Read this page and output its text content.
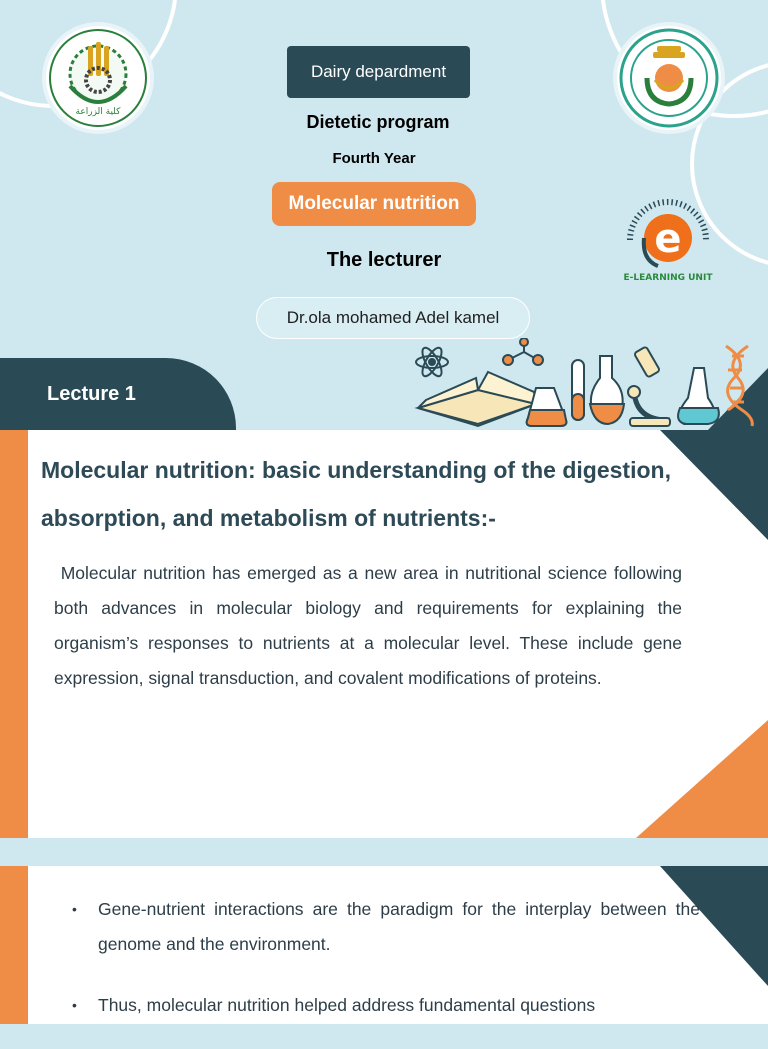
كلية الزراعة
Dairy depardment
Dietetic program
Fourth Year
Molecular nutrition
The lecturer
Dr.ola mohamed Adel kamel
e
E-LEARNING UNIT
Lecture 1
Molecular nutrition: basic understanding of the digestion, absorption, and metabolism of nutrients:-
Molecular nutrition has emerged as a new area in nutritional science following both advances in molecular biology and requirements for explaining the organism’s responses to nutrients at a molecular level. These include gene expression, signal transduction, and covalent modifications of proteins.
• Gene-nutrient interactions are the paradigm for the interplay between the genome and the environment.
• Thus, molecular nutrition helped address fundamental questions
